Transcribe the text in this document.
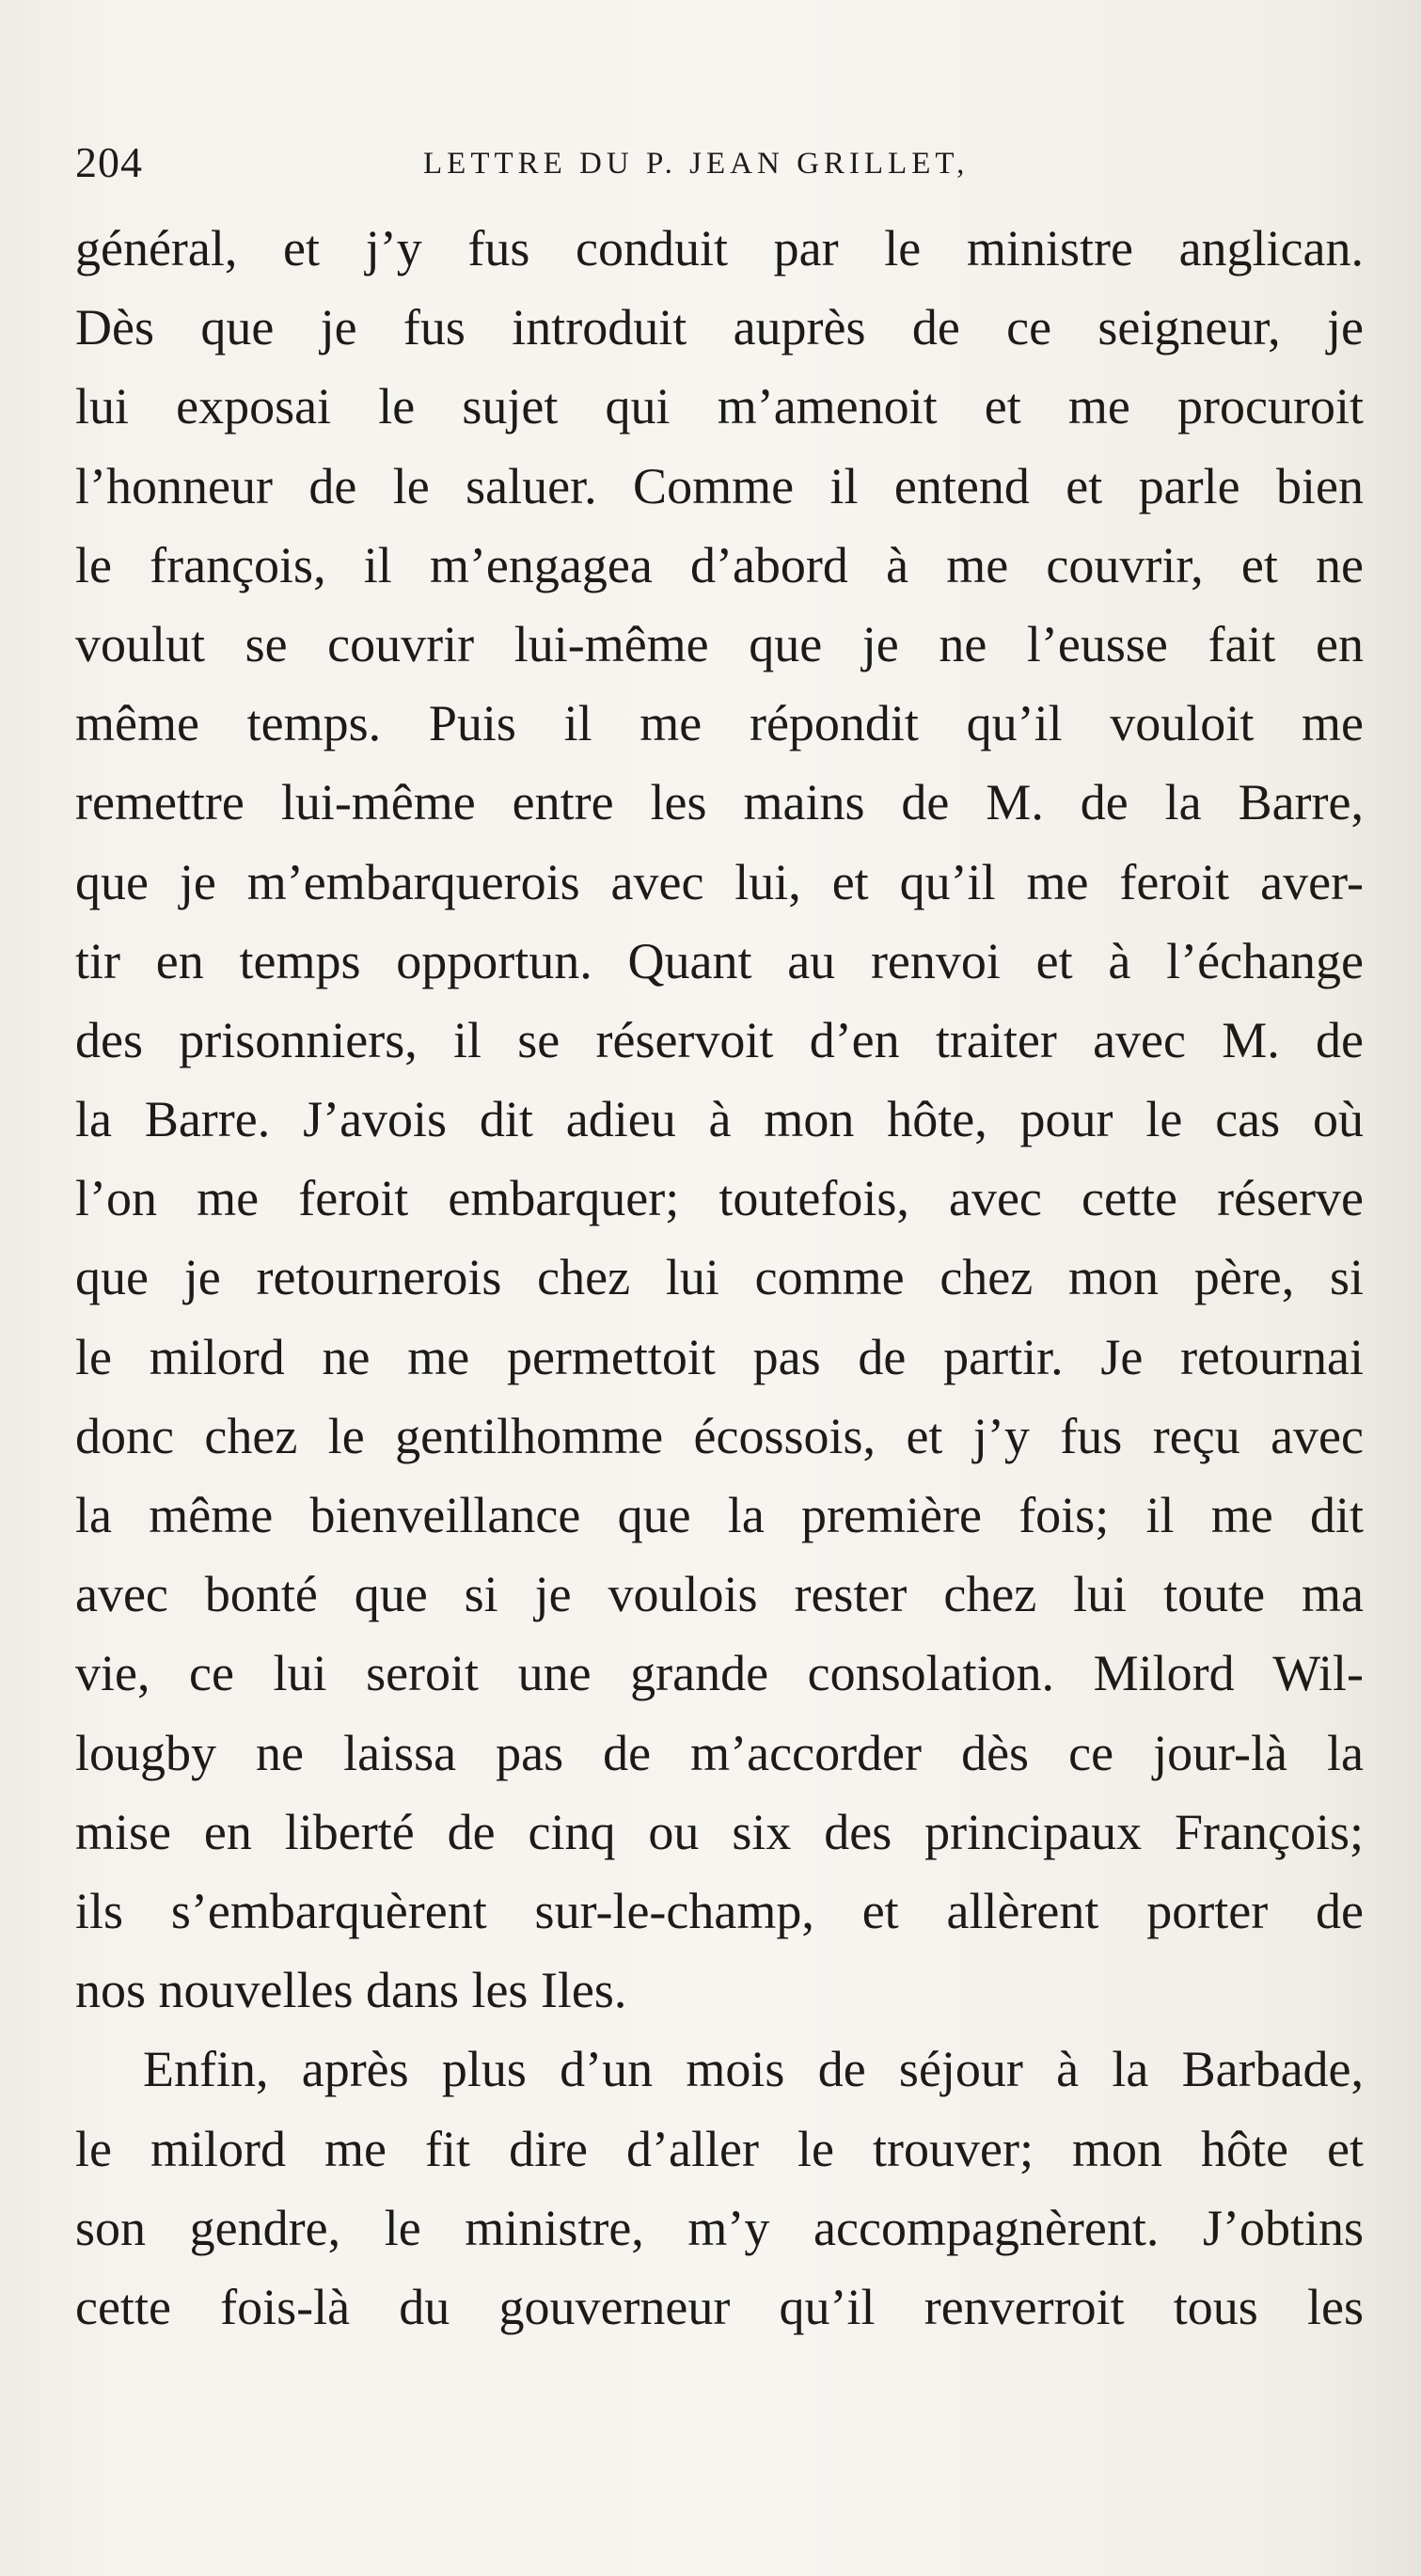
204	LETTRE DU P. JEAN GRILLET,
général, et j’y fus conduit par le ministre anglican.
Dès que je fus introduit auprès de ce seigneur, je
lui exposai le sujet qui m’amenoit et me procuroit
l’honneur de le saluer. Comme il entend et parle bien
le françois, il m’engagea d’abord à me couvrir, et ne
voulut se couvrir lui-même que je ne l’eusse fait en
même temps. Puis il me répondit qu’il vouloit me
remettre lui-même entre les mains de M. de la Barre,
que je m’embarquerois avec lui, et qu’il me feroit aver-
tir en temps opportun. Quant au renvoi et à l’échange
des prisonniers, il se réservoit d’en traiter avec M. de
la Barre. J’avois dit adieu à mon hôte, pour le cas où
l’on me feroit embarquer; toutefois, avec cette réserve
que je retournerois chez lui comme chez mon père, si
le milord ne me permettoit pas de partir. Je retournai
donc chez le gentilhomme écossois, et j’y fus reçu avec
la même bienveillance que la première fois; il me dit
avec bonté que si je voulois rester chez lui toute ma
vie, ce lui seroit une grande consolation. Milord Wil-
lougby ne laissa pas de m’accorder dès ce jour-là la
mise en liberté de cinq ou six des principaux François;
ils s’embarquèrent sur-le-champ, et allèrent porter de
nos nouvelles dans les Iles.
Enfin, après plus d’un mois de séjour à la Barbade,
le milord me fit dire d’aller le trouver; mon hôte et
son gendre, le ministre, m’y accompagnèrent. J’obtins
cette fois-là du gouverneur qu’il renverroit tous les
